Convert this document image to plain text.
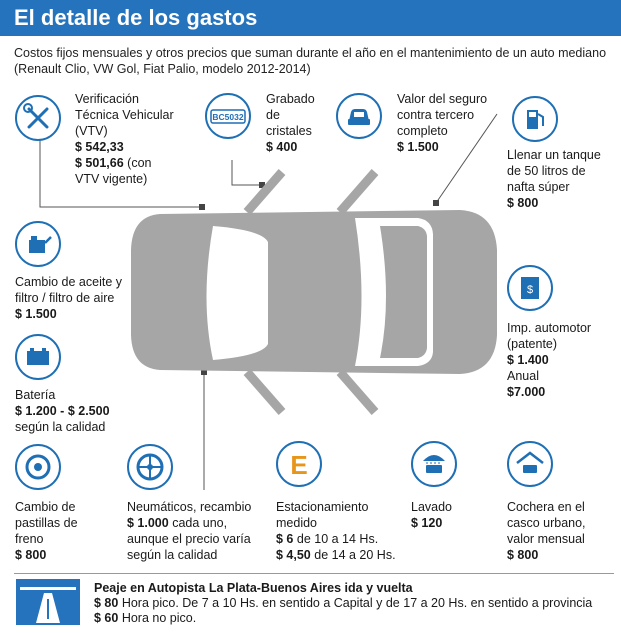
El detalle de los gastos
Costos fijos mensuales y otros precios que suman durante el año en el mantenimiento de un auto mediano (Renault Clio, VW Gol, Fiat Palio, modelo 2012-2014)
Verificación
Técnica Vehicular
(VTV)
$ 542,33
$ 501,66 (con
VTV vigente)
BC5032
Grabado
de
cristales
$ 400
Valor del seguro
contra tercero
completo
$ 1.500
Llenar un tanque
de 50 litros de
nafta súper
$ 800
Cambio de aceite y
filtro / filtro de aire
$ 1.500
Batería
$ 1.200 - $ 2.500
según la calidad
$
Imp. automotor
(patente)
$ 1.400
Anual
$7.000
Cambio de
pastillas de
freno
$ 800
Neumáticos, recambio
$ 1.000 cada uno,
aunque el precio varía
según la calidad
E
Estacionamiento
medido
$ 6 de 10 a 14 Hs.
$ 4,50 de 14 a 20 Hs.
Lavado
$ 120
Cochera en el
casco urbano,
valor mensual
$ 800
Peaje en Autopista La Plata-Buenos Aires ida y vuelta
$ 80 Hora pico. De 7 a 10 Hs. en sentido a Capital y de 17 a 20 Hs. en sentido a provincia
$ 60 Hora no pico.
